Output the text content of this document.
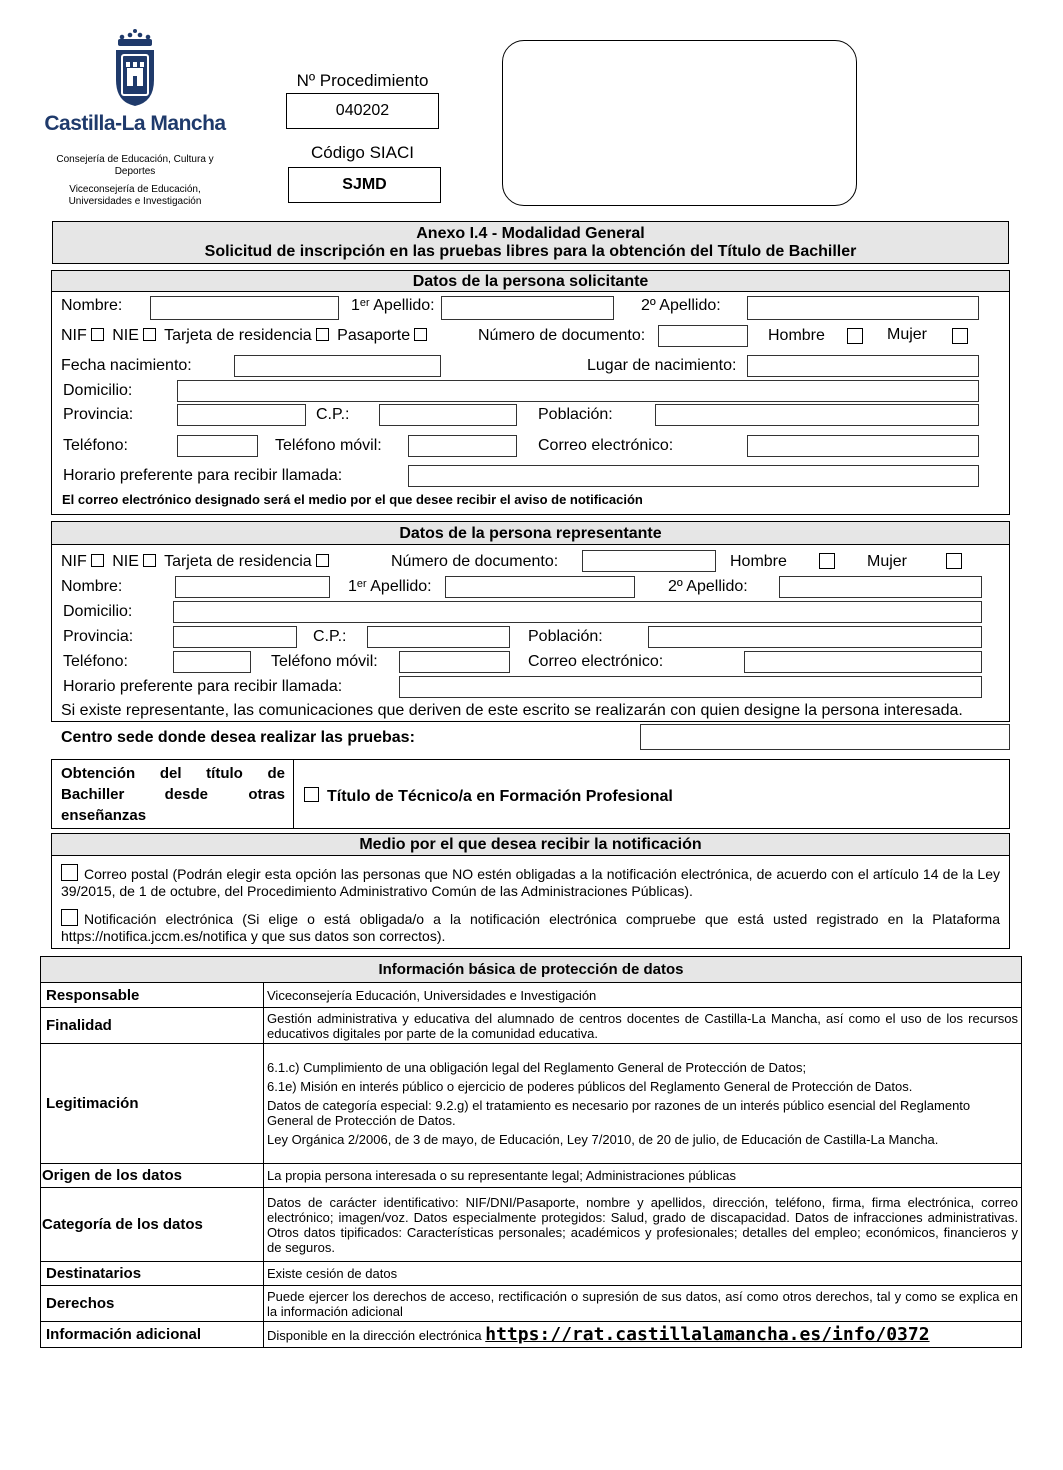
Castilla-La Mancha
Consejería de Educación, Cultura y Deportes
Viceconsejería de Educación, Universidades e Investigación
Nº Procedimiento
040202
Código SIACI
SJMD
Anexo I.4 - Modalidad General
Solicitud de inscripción en las pruebas libres para la obtención del Título de Bachiller
Datos de la persona solicitante
Nombre:	1ᵉʳ Apellido:	2º Apellido:
NIF NIE Tarjeta de residencia Pasaporte	Número de documento:	Hombre	Mujer
Fecha nacimiento:	Lugar de nacimiento:
Domicilio:
Provincia:	C.P.:	Población:
Teléfono:	Teléfono móvil:	Correo electrónico:
Horario preferente para recibir llamada:
El correo electrónico designado será el medio por el que desee recibir el aviso de notificación
Datos de la persona representante
NIF NIE Tarjeta de residencia	Número de documento:	Hombre	Mujer
Nombre:	1ᵉʳ Apellido:	2º Apellido:
Domicilio:
Provincia:	C.P.:	Población:
Teléfono:	Teléfono móvil:	Correo electrónico:
Horario preferente para recibir llamada:
Si existe representante, las comunicaciones que deriven de este escrito se realizarán con quien designe la persona interesada.
Centro sede donde desea realizar las pruebas:
Obtención del título de Bachiller desde otras enseñanzas
Título de Técnico/a en Formación Profesional
Medio por el que desea recibir la notificación
Correo postal (Podrán elegir esta opción las personas que NO estén obligadas a la notificación electrónica, de acuerdo con el artículo 14 de la Ley 39/2015, de 1 de octubre, del Procedimiento Administrativo Común de las Administraciones Públicas).
Notificación electrónica (Si elige o está obligada/o a la notificación electrónica compruebe que está usted registrado en la Plataforma https://notifica.jccm.es/notifica y que sus datos son correctos).
Información básica de protección de datos	
Responsable	Viceconsejería Educación, Universidades e Investigación
Finalidad	Gestión administrativa y educativa del alumnado de centros docentes de Castilla-La Mancha, así como el uso de los recursos educativos digitales por parte de la comunidad educativa.
Legitimación	6.1.c) Cumplimiento de una obligación legal del Reglamento General de Protección de Datos;

6.1e) Misión en interés público o ejercicio de poderes públicos del Reglamento General de Protección de Datos.

Datos de categoría especial: 9.2.g) el tratamiento es necesario por razones de un interés público esencial del Reglamento General de Protección de Datos.

Ley Orgánica 2/2006, de 3 de mayo, de Educación, Ley 7/2010, de 20 de julio, de Educación de Castilla-La Mancha.

Origen de los datos	La propia persona interesada o su representante legal; Administraciones públicas
Categoría de los datos	Datos de carácter identificativo: NIF/DNI/Pasaporte, nombre y apellidos, dirección, teléfono, firma, firma electrónica, correo electrónico; imagen/voz. Datos especialmente protegidos: Salud, grado de discapacidad. Datos de infracciones administrativas. Otros datos tipificados: Características personales; académicos y profesionales; detalles del empleo; económicos, financieros y de seguros.
Destinatarios	Existe cesión de datos
Derechos	Puede ejercer los derechos de acceso, rectificación o supresión de sus datos, así como otros derechos, tal y como se explica en la información adicional
Información adicional	Disponible en la dirección electrónica https://rat.castillalamancha.es/info/0372
